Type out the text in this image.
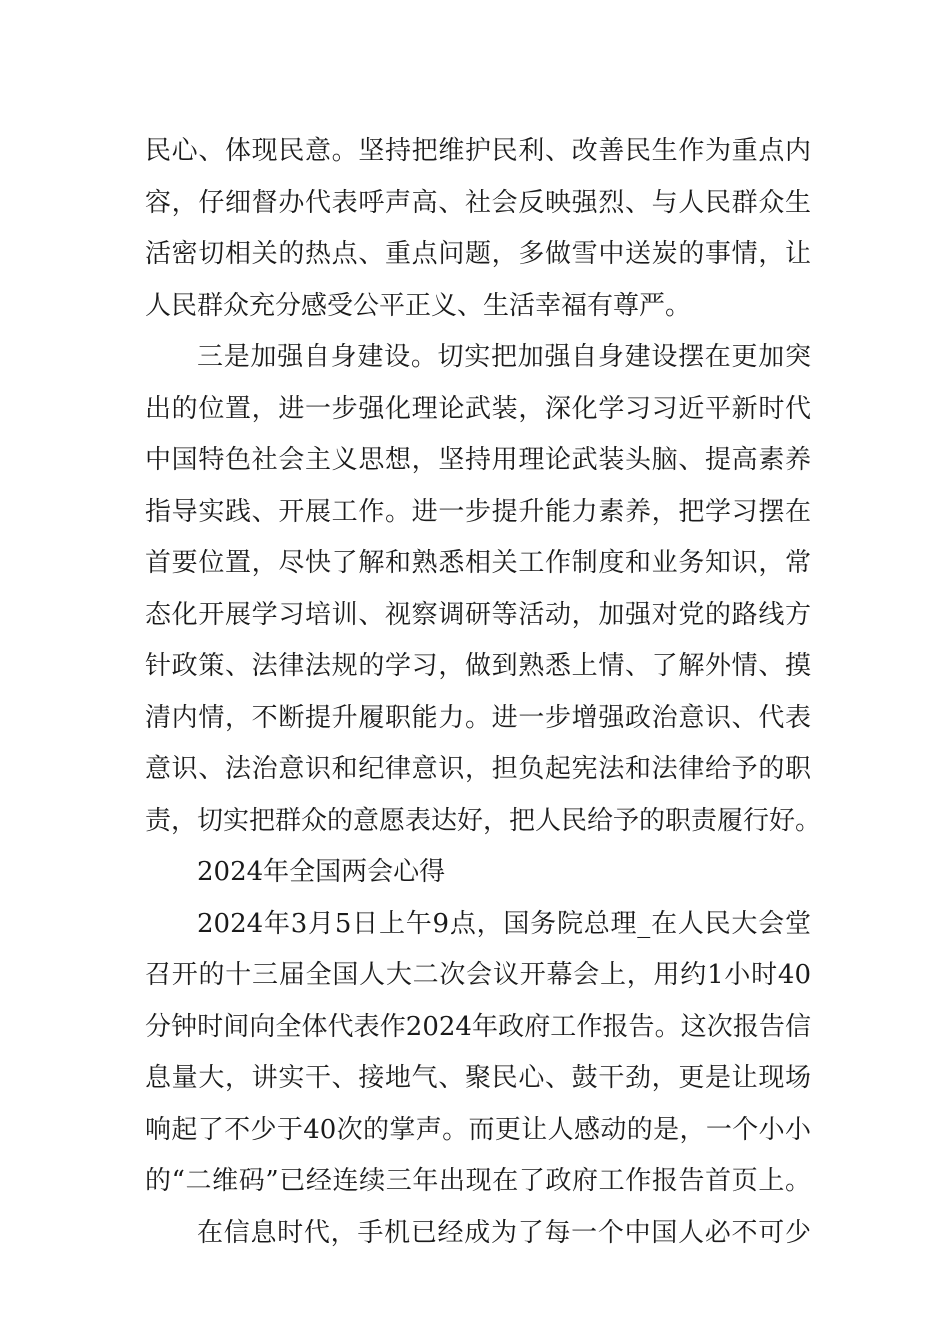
民心、体现民意。坚持把维护民利、改善民生作为重点内
容，仔细督办代表呼声高、社会反映强烈、与人民群众生
活密切相关的热点、重点问题，多做雪中送炭的事情，让
人民群众充分感受公平正义、生活幸福有尊严。
三是加强自身建设。切实把加强自身建设摆在更加突
出的位置，进一步强化理论武装，深化学习习近平新时代
中国特色社会主义思想，坚持用理论武装头脑、提高素养
指导实践、开展工作。进一步提升能力素养，把学习摆在
首要位置，尽快了解和熟悉相关工作制度和业务知识，常
态化开展学习培训、视察调研等活动，加强对党的路线方
针政策、法律法规的学习，做到熟悉上情、了解外情、摸
清内情，不断提升履职能力。进一步增强政治意识、代表
意识、法治意识和纪律意识，担负起宪法和法律给予的职
责，切实把群众的意愿表达好，把人民给予的职责履行好。
2024年全国两会心得
2024年3月5日上午9点，国务院总理_在人民大会堂
召开的十三届全国人大二次会议开幕会上，用约1小时40
分钟时间向全体代表作2024年政府工作报告。这次报告信
息量大，讲实干、接地气、聚民心、鼓干劲，更是让现场
响起了不少于40次的掌声。而更让人感动的是，一个小小
的“二维码”已经连续三年出现在了政府工作报告首页上。
在信息时代，手机已经成为了每一个中国人必不可少
